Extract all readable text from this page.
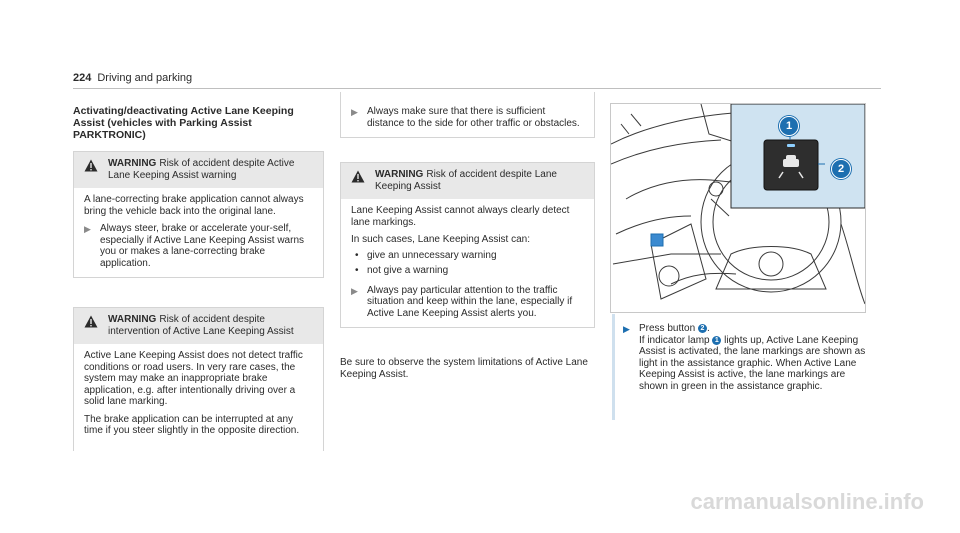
224 Driving and parking
Activating/deactivating Active Lane Keeping Assist (vehicles with Parking Assist PARKTRONIC)
WARNING Risk of accident despite Active Lane Keeping Assist warning

A lane-correcting brake application cannot always bring the vehicle back into the original lane.

▶ Always steer, brake or accelerate your-self, especially if Active Lane Keeping Assist warns you or makes a lane-correcting brake application.
WARNING Risk of accident despite intervention of Active Lane Keeping Assist

Active Lane Keeping Assist does not detect traffic conditions or road users. In very rare cases, the system may make an inappropriate brake application, e.g. after intentionally driving over a solid lane marking.

The brake application can be interrupted at any time if you steer slightly in the opposite direction.

▶ Always make sure that there is sufficient distance to the side for other traffic or obstacles.
WARNING Risk of accident despite Lane Keeping Assist

Lane Keeping Assist cannot always clearly detect lane markings.

In such cases, Lane Keeping Assist can:

• give an unnecessary warning
• not give a warning
▶ Always pay particular attention to the traffic situation and keep within the lane, especially if Active Lane Keeping Assist alerts you.
Be sure to observe the system limitations of Active Lane Keeping Assist.
1
2
▶ Press button 2 .
If indicator lamp 1 lights up, Active Lane Keeping Assist is activated, the lane markings are shown as light in the assistance graphic. When Active Lane Keeping Assist is active, the lane markings are shown in green in the assistance graphic.
carmanualsonline.info
